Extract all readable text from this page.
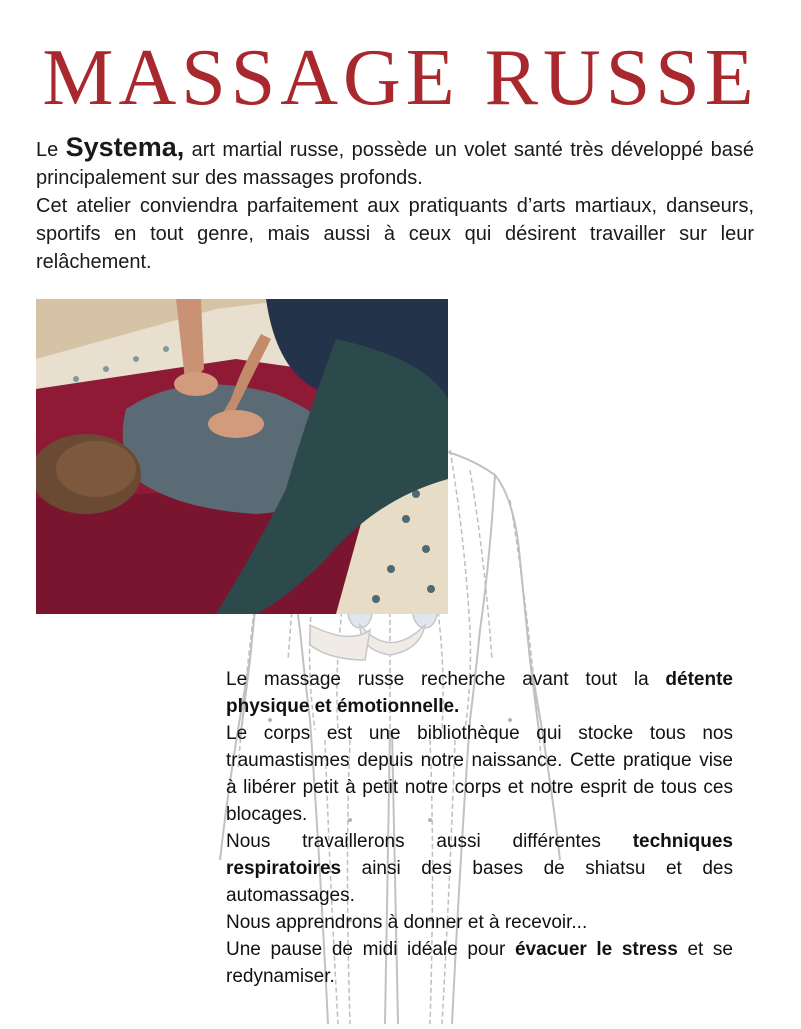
MASSAGE RUSSE

Le Systema, art martial russe, possède un volet santé très développé basé principalement sur des massages profonds.

Cet atelier conviendra parfaitement aux pratiquants d’arts martiaux, danseurs, sportifs en tout genre, mais aussi à ceux qui désirent travailler sur leur relâchement.

Le massage russe recherche avant tout la détente physique et émotionnelle.

Le corps est une bibliothèque qui stocke tous nos traumastismes depuis notre naissance. Cette pratique vise à libérer petit à petit notre corps et notre esprit de tous ces blocages.

Nous travaillerons aussi différentes techniques respiratoires ainsi des bases de shiatsu et des automassages.

Nous apprendrons à donner et à recevoir...

Une pause de midi idéale pour évacuer le stress et se redynamiser.
